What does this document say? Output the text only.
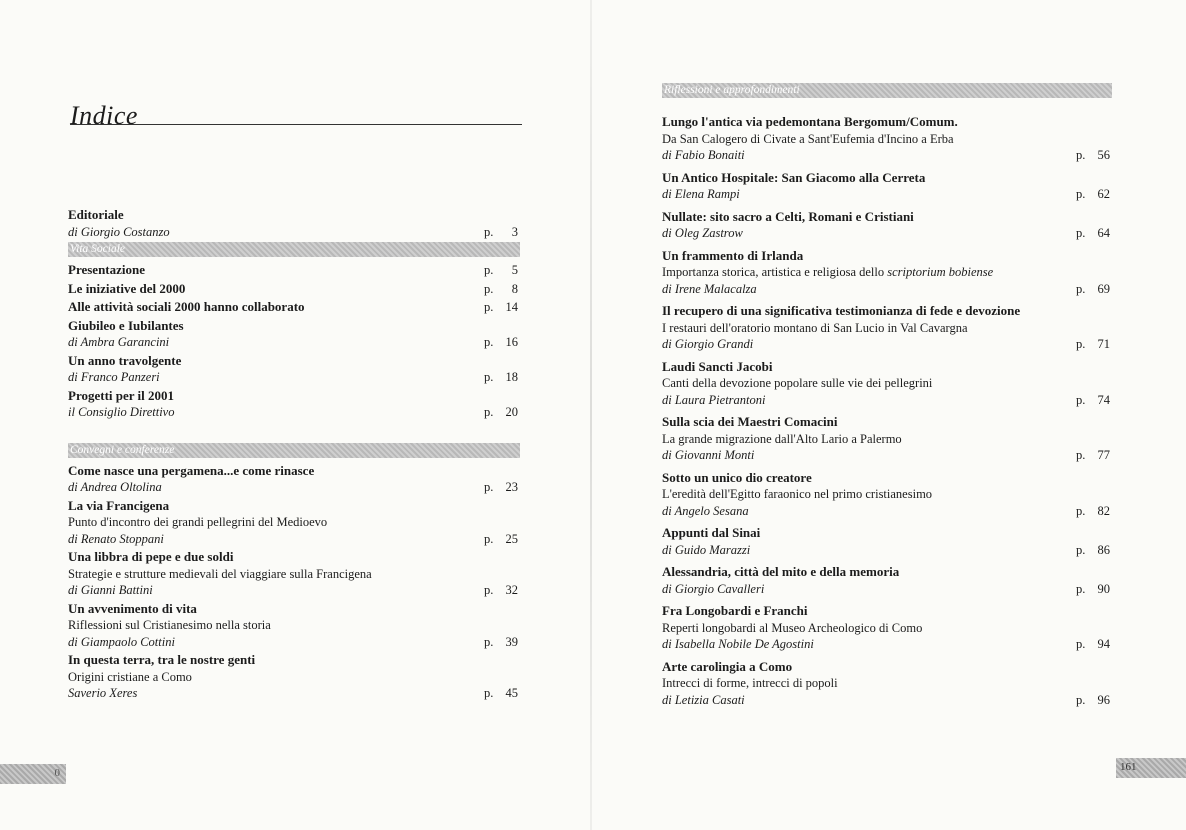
Indice
Editoriale
di Giorgio Costanzo	p. 3
Vita Sociale
Presentazione	p. 5
Le iniziative del 2000	p. 8
Alle attività sociali 2000 hanno collaborato	p. 14
Giubileo e Iubilantes
di Ambra Garancini	p. 16
Un anno travolgente
di Franco Panzeri	p. 18
Progetti per il 2001
il Consiglio Direttivo	p. 20
Convegni e conferenze
Come nasce una pergamena...e come rinasce
di Andrea Oltolina	p. 23
La via Francigena
Punto d'incontro dei grandi pellegrini del Medioevo
di Renato Stoppani	p. 25
Una libbra di pepe e due soldi
Strategie e strutture medievali del viaggiare sulla Francigena
di Gianni Battini	p. 32
Un avvenimento di vita
Riflessioni sul Cristianesimo nella storia
di Giampaolo Cottini	p. 39
In questa terra, tra le nostre genti
Origini cristiane a Como
Saverio Xeres	p. 45
0
Riflessioni e approfondimenti
Lungo l'antica via pedemontana Bergomum/Comum.
Da San Calogero di Civate a Sant'Eufemia d'Incino a Erba
di Fabio Bonaiti	p. 56
Un Antico Hospitale: San Giacomo alla Cerreta
di Elena Rampi	p. 62
Nullate: sito sacro a Celti, Romani e Cristiani
di Oleg Zastrow	p. 64
Un frammento di Irlanda
Importanza storica, artistica e religiosa dello scriptorium bobiense
di Irene Malacalza	p. 69
Il recupero di una significativa testimonianza di fede e devozione
I restauri dell'oratorio montano di San Lucio in Val Cavargna
di Giorgio Grandi	p. 71
Laudi Sancti Jacobi
Canti della devozione popolare sulle vie dei pellegrini
di Laura Pietrantoni	p. 74
Sulla scia dei Maestri Comacini
La grande migrazione dall'Alto Lario a Palermo
di Giovanni Monti	p. 77
Sotto un unico dio creatore
L'eredità dell'Egitto faraonico nel primo cristianesimo
di Angelo Sesana	p. 82
Appunti dal Sinai
di Guido Marazzi	p. 86
Alessandria, città del mito e della memoria
di Giorgio Cavalleri	p. 90
Fra Longobardi e Franchi
Reperti longobardi al Museo Archeologico di Como
di Isabella Nobile De Agostini	p. 94
Arte carolingia a Como
Intrecci di forme, intrecci di popoli
di Letizia Casati	p. 96
161
